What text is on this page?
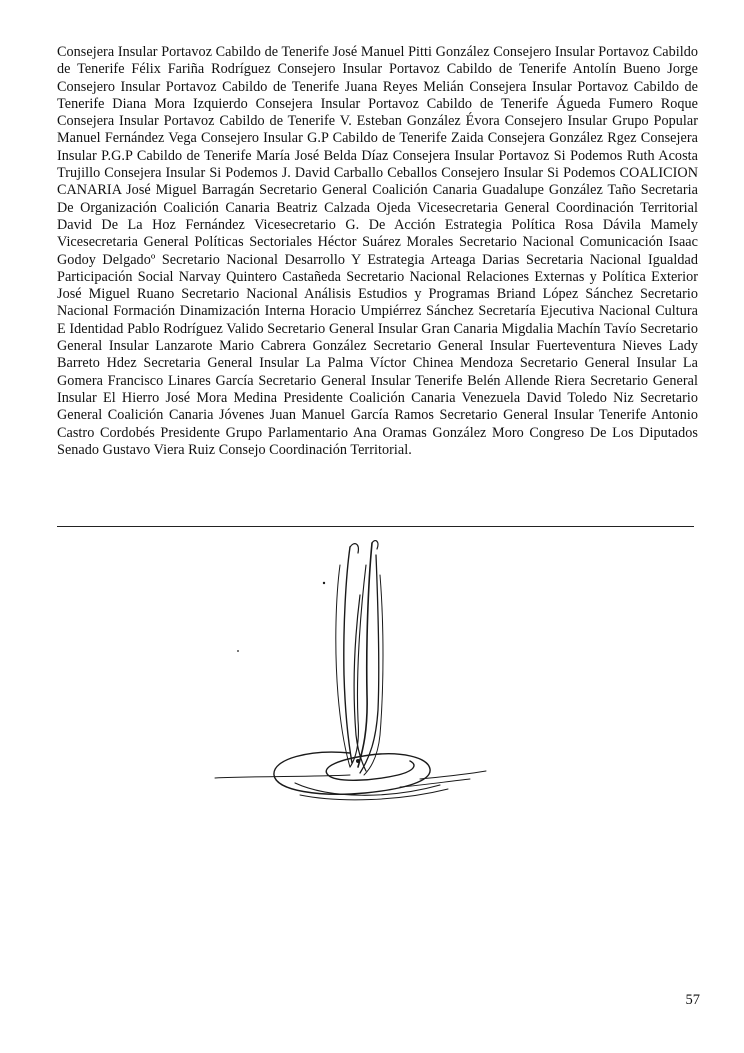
Consejera Insular Portavoz Cabildo de Tenerife José Manuel Pitti González Consejero Insular Portavoz Cabildo de Tenerife Félix Fariña Rodríguez Consejero Insular Portavoz Cabildo de Tenerife Antolín Bueno Jorge Consejero Insular Portavoz Cabildo de Tenerife Juana Reyes Melián Consejera Insular Portavoz Cabildo de Tenerife Diana Mora Izquierdo Consejera Insular Portavoz Cabildo de Tenerife Águeda Fumero Roque Consejera Insular Portavoz Cabildo de Tenerife V. Esteban González Évora Consejero Insular Grupo Popular Manuel Fernández Vega Consejero Insular G.P Cabildo de Tenerife Zaida Consejera González Rgez Consejera Insular P.G.P Cabildo de Tenerife María José Belda Díaz Consejera Insular Portavoz Si Podemos Ruth Acosta Trujillo Consejera Insular Si Podemos J. David Carballo Ceballos Consejero Insular Si Podemos COALICION CANARIA José Miguel Barragán Secretario General Coalición Canaria Guadalupe González Taño Secretaria De Organización Coalición Canaria Beatriz Calzada Ojeda Vicesecretaria General Coordinación Territorial David De La Hoz Fernández Vicesecretario G. De Acción Estrategia Política Rosa Dávila Mamely Vicesecretaria General Políticas Sectoriales Héctor Suárez Morales Secretario Nacional Comunicación Isaac Godoy Delgadoº Secretario Nacional Desarrollo Y Estrategia Arteaga Darias Secretaria Nacional Igualdad Participación Social Narvay Quintero Castañeda Secretario Nacional Relaciones Externas y Política Exterior José Miguel Ruano Secretario Nacional Análisis Estudios y Programas Briand López Sánchez Secretario Nacional Formación Dinamización Interna Horacio Umpiérrez Sánchez Secretaría Ejecutiva Nacional Cultura E Identidad Pablo Rodríguez Valido Secretario General Insular Gran Canaria Migdalia Machín Tavío Secretario General Insular Lanzarote Mario Cabrera González Secretario General Insular Fuerteventura Nieves Lady Barreto Hdez Secretaria General Insular La Palma Víctor Chinea Mendoza Secretario General Insular La Gomera Francisco Linares García Secretario General Insular Tenerife Belén Allende Riera Secretario General Insular El Hierro José Mora Medina Presidente Coalición Canaria Venezuela David Toledo Niz Secretario General Coalición Canaria Jóvenes Juan Manuel García Ramos Secretario General Insular Tenerife Antonio Castro Cordobés Presidente Grupo Parlamentario Ana Oramas González Moro Congreso De Los Diputados Senado Gustavo Viera Ruiz Consejo Coordinación Territorial.

57
